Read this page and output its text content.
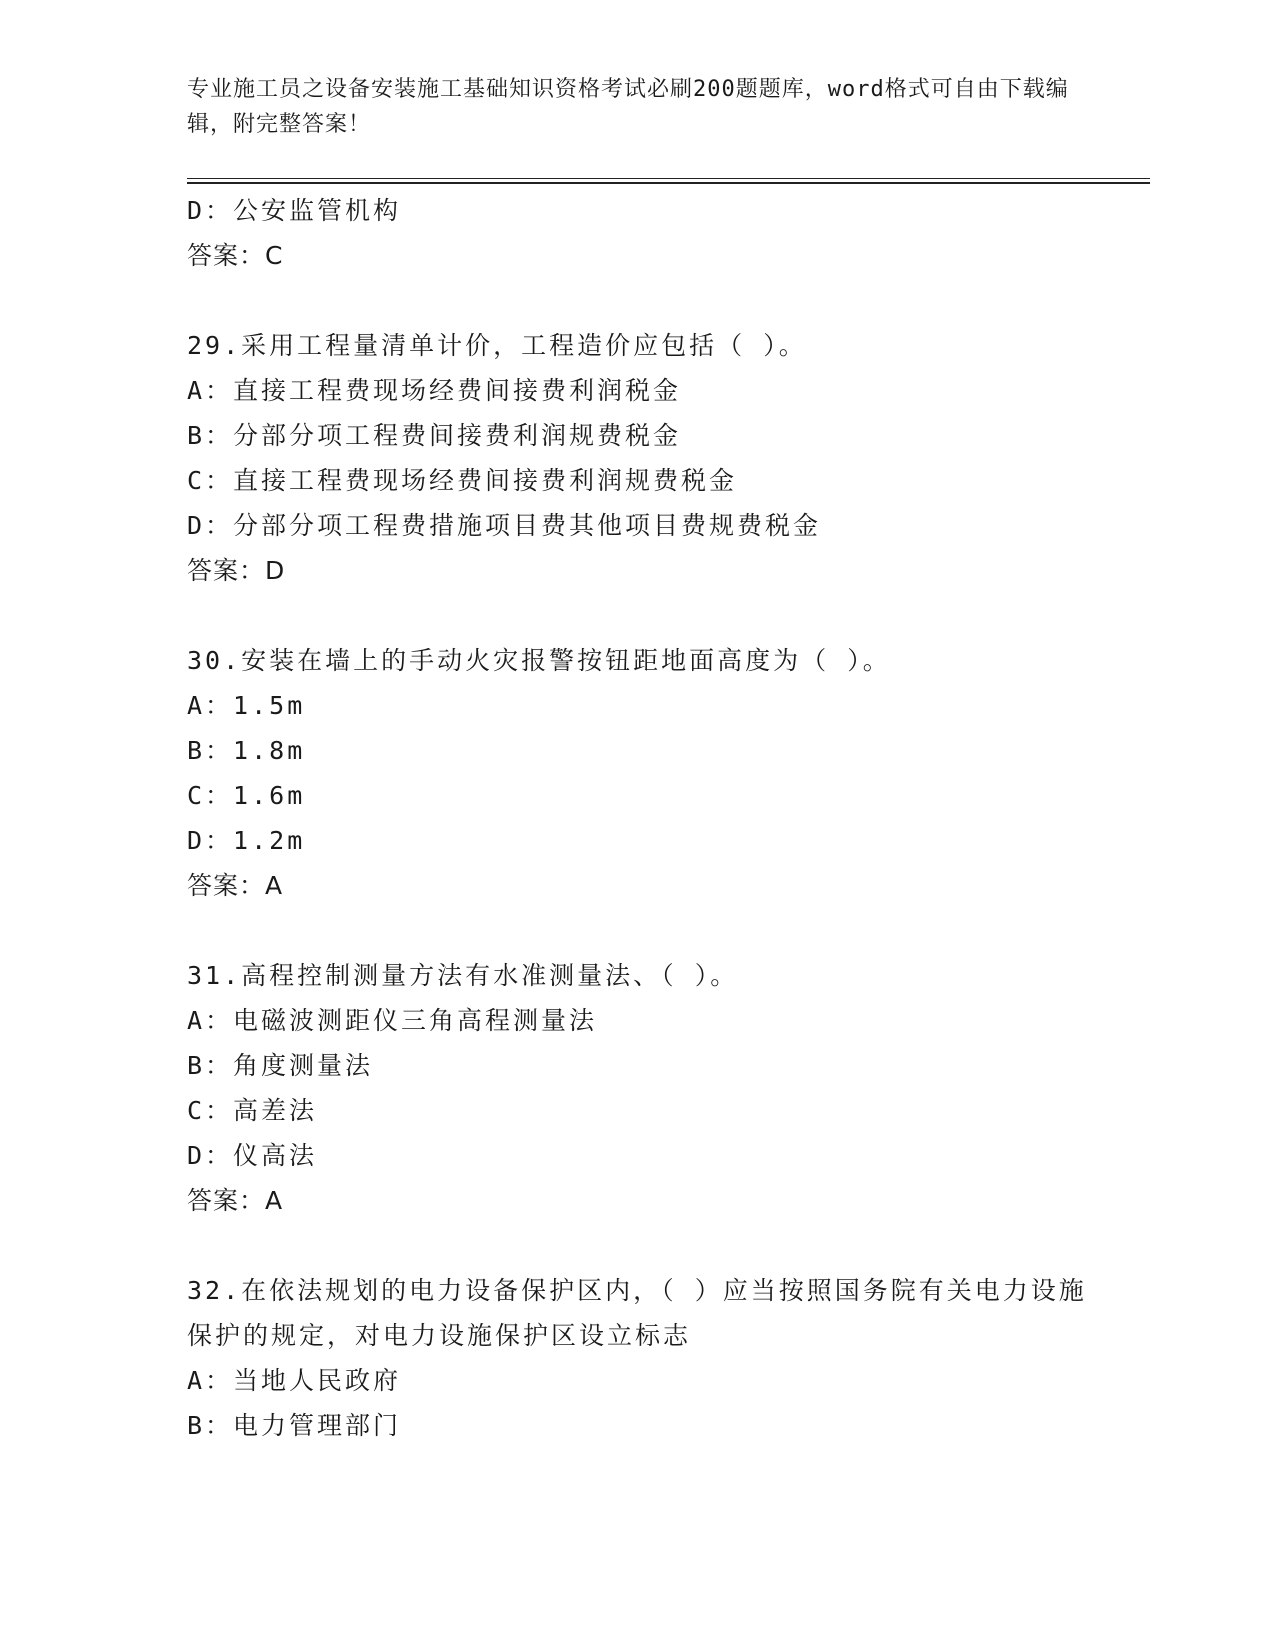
专业施工员之设备安装施工基础知识资格考试必刷200题题库，word格式可自由下载编辑，附完整答案！
D：公安监管机构
答案：C
29.采用工程量清单计价，工程造价应包括（ ）。
A：直接工程费现场经费间接费利润税金
B：分部分项工程费间接费利润规费税金
C：直接工程费现场经费间接费利润规费税金
D：分部分项工程费措施项目费其他项目费规费税金
答案：D
30.安装在墙上的手动火灾报警按钮距地面高度为（ ）。
A：1.5m
B：1.8m
C：1.6m
D：1.2m
答案：A
31.高程控制测量方法有水准测量法、（ ）。
A：电磁波测距仪三角高程测量法
B：角度测量法
C：高差法
D：仪高法
答案：A
32.在依法规划的电力设备保护区内，（ ）应当按照国务院有关电力设施保护的规定，对电力设施保护区设立标志
A：当地人民政府
B：电力管理部门
